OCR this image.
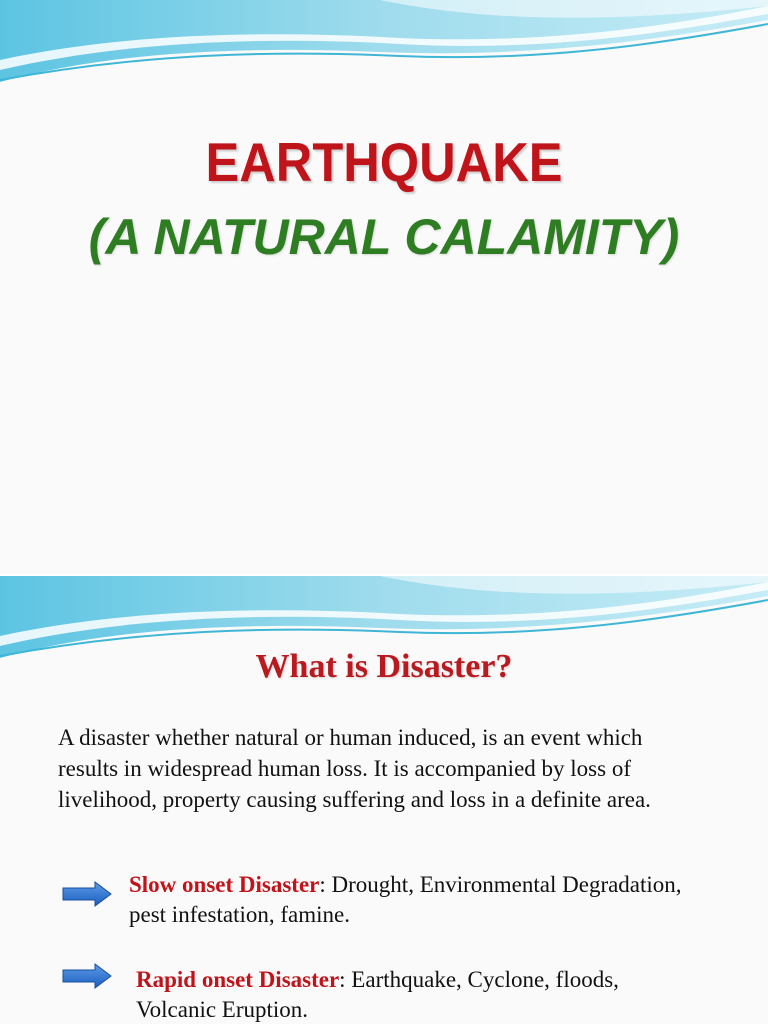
EARTHQUAKE
(A NATURAL CALAMITY)
What is Disaster?

A disaster whether natural or human induced, is an event which results in widespread human loss. It is accompanied by loss of livelihood, property causing suffering and loss in a definite area.

Slow onset Disaster: Drought, Environmental Degradation, pest infestation, famine.

Rapid onset Disaster: Earthquake, Cyclone, floods, Volcanic Eruption.
